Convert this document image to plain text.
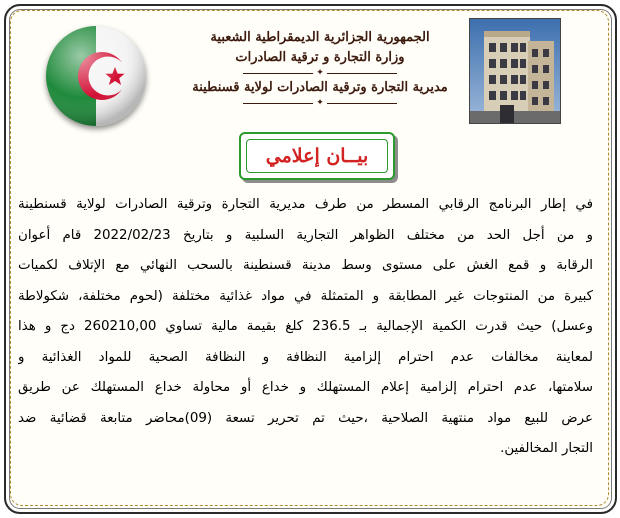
الجمهورية الجزائرية الديمقراطية الشعبية
وزارة التجارة و ترقية الصادرات
✦
مديرية التجارة وترقية الصادرات لولاية قسنطينة
✦
بيــان إعلامي
في إطار البرنامج الرقابي المسطر من طرف مديرية التجارة وترقية الصادرات لولاية قسنطينة
و من أجل الحد من مختلف الظواهر التجارية السلبية و بتاريخ 2022/02/23 قام أعوان
الرقابة و قمع الغش على مستوى وسط مدينة قسنطينة بالسحب النهائي مع الإتلاف لكميات
كبيرة من المنتوجات غير المطابقة و المتمثلة في مواد غذائية مختلفة (لحوم مختلفة، شكولاطة
وعسل) حيث قدرت الكمية الإجمالية بـ 236.5 كلغ بقيمة مالية تساوي 260210,00 دج و هذا
لمعاينة مخالفات عدم احترام إلزامية النظافة و النظافة الصحية للمواد الغذائية و
سلامتها، عدم احترام إلزامية إعلام المستهلك و خداع أو محاولة خداع المستهلك عن طريق
عرض للبيع مواد منتهية الصلاحية ،حيث تم تحرير تسعة (09)محاضر متابعة قضائية ضد
التجار المخالفين.
